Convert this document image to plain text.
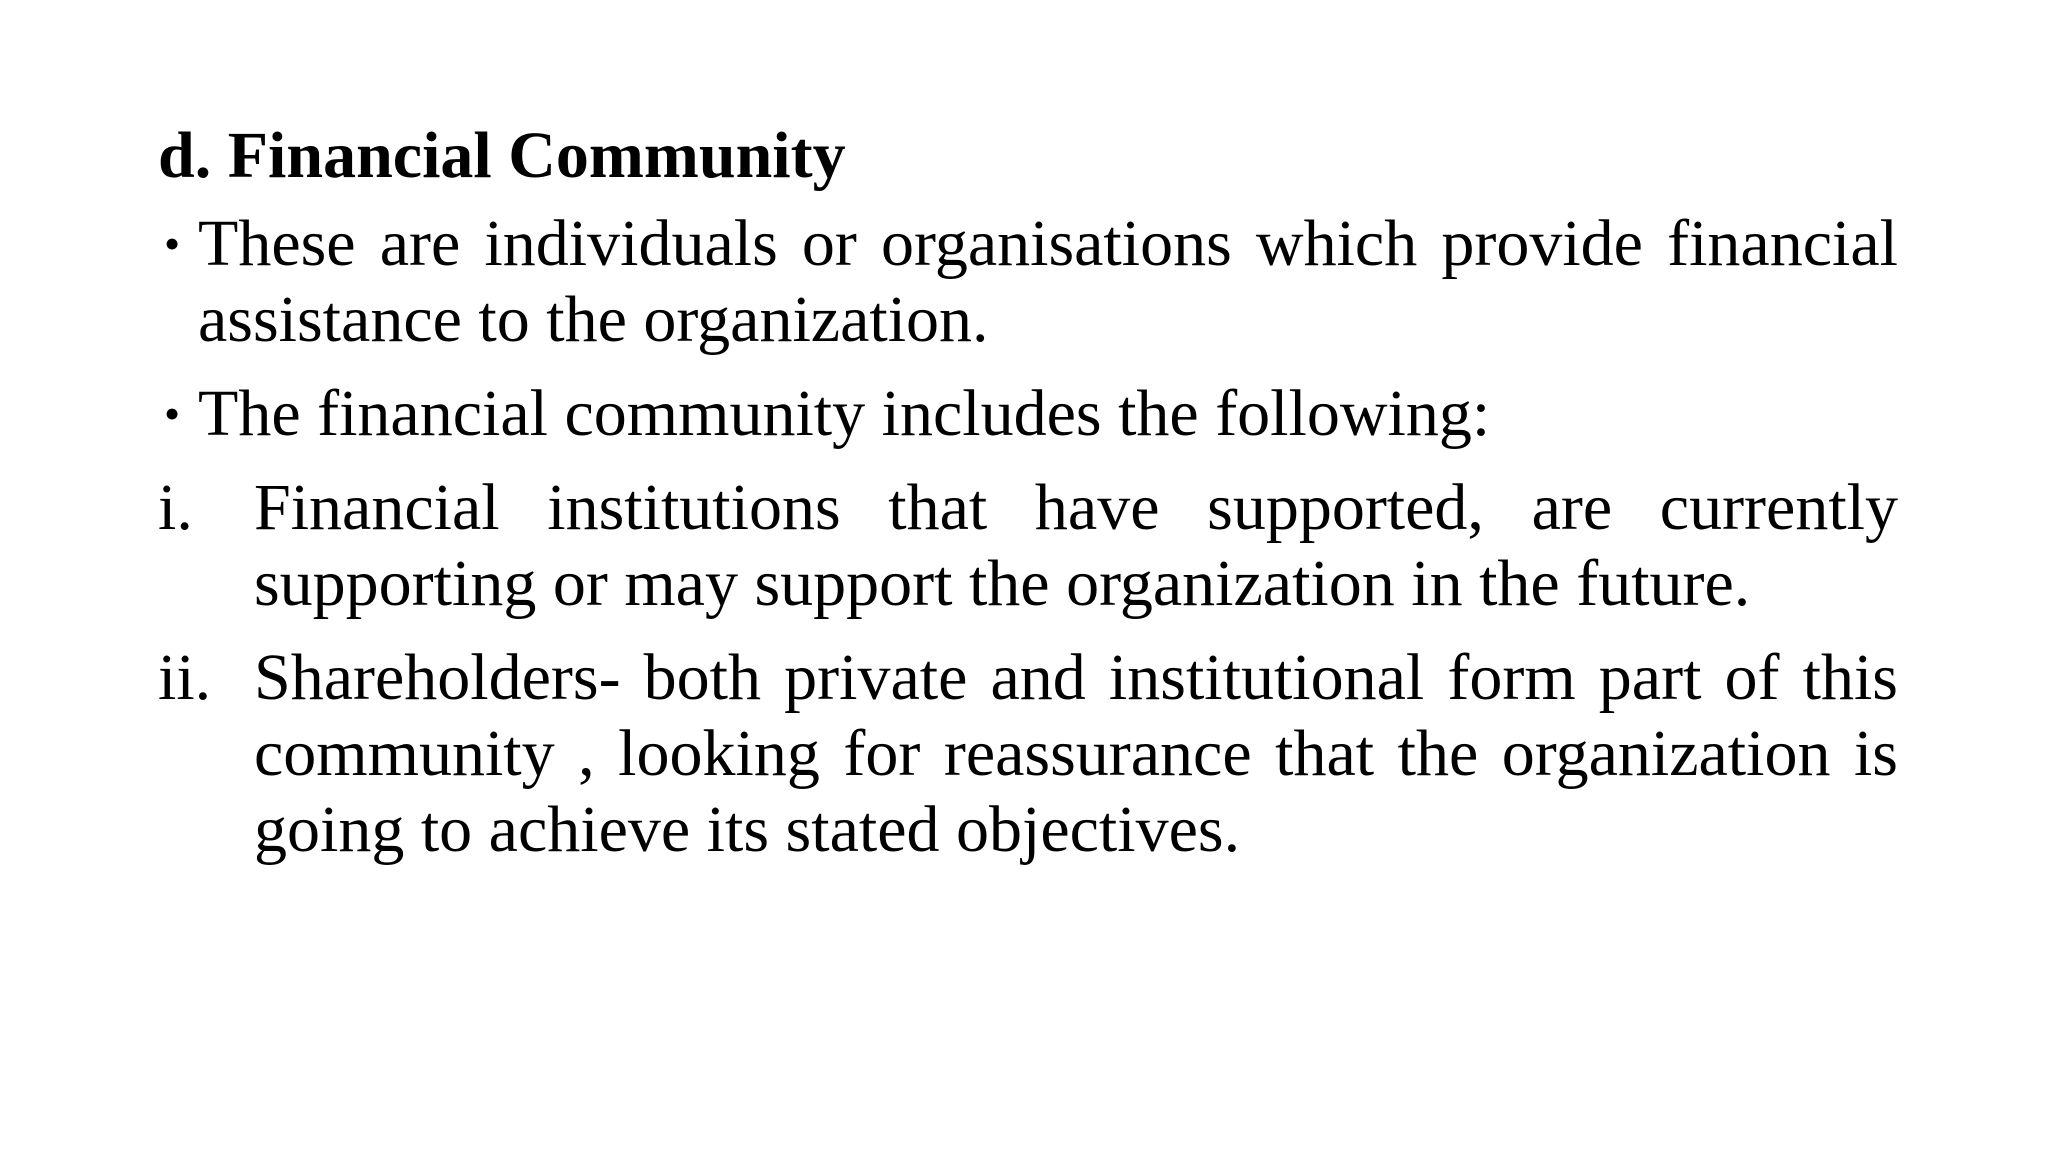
d. Financial Community
• These are individuals or organisations which provide financial assistance to the organization.
• The financial community includes the following:
i. Financial institutions that have supported, are currently supporting or may support the organization in the future.
ii. Shareholders- both private and institutional form part of this community , looking for reassurance that the organization is going to achieve its stated objectives.
